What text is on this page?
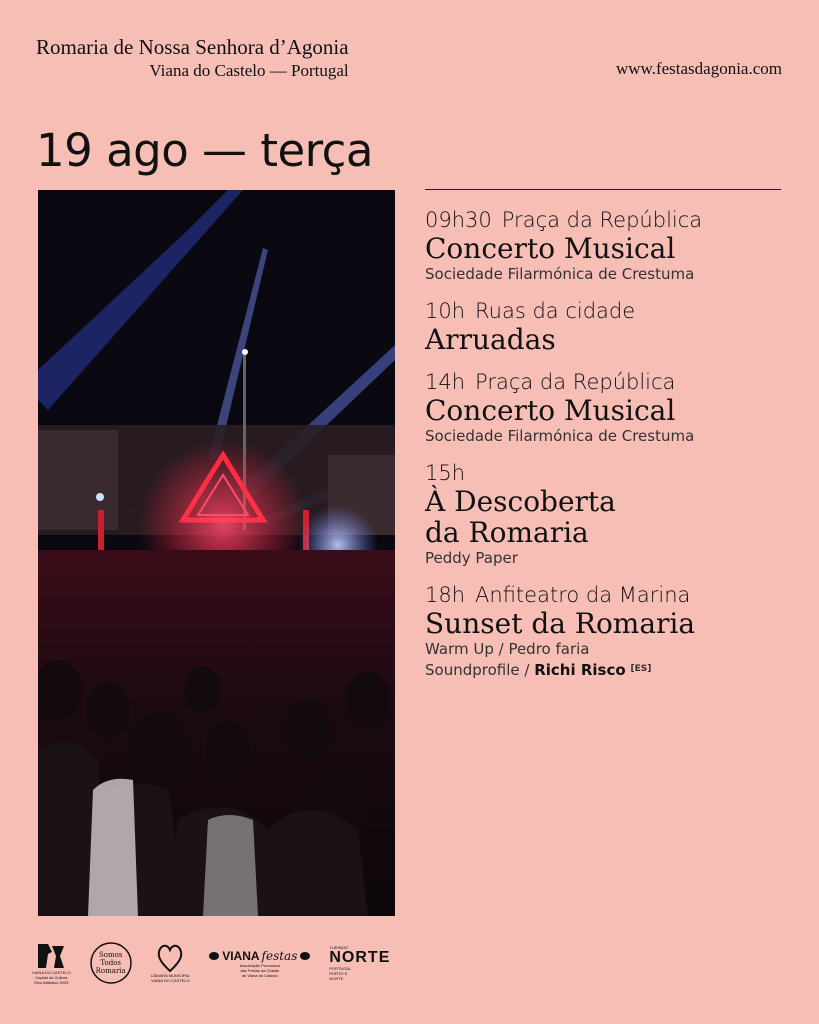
Romaria de Nossa Senhora d’Agonia
Viana do Castelo — Portugal	www.festasdagonia.com
19 ago — terça
09h30 Praça da República
Concerto Musical
Sociedade Filarmónica de Crestuma
10h Ruas da cidade
Arruadas
14h Praça da República
Concerto Musical
Sociedade Filarmónica de Crestuma
15h
À Descoberta
da Romaria
Peddy Paper
18h Anfiteatro da Marina
Sunset da Romaria
Warm Up / Pedro faria
Soundprofile / Richi Risco [ES]
VIANA DO CASTELO
Capital da Cultura
Eixo Atlântico 2025
Somos Todos Romaria
CÂMARA MUNICIPAL
VIANA DO CASTELO
VIANA festas
Associação Promotora
das Festas da Cidade
de Viana do Castelo
TURISMO
NORTE
PORTUGAL
PORTO E
NORTE
